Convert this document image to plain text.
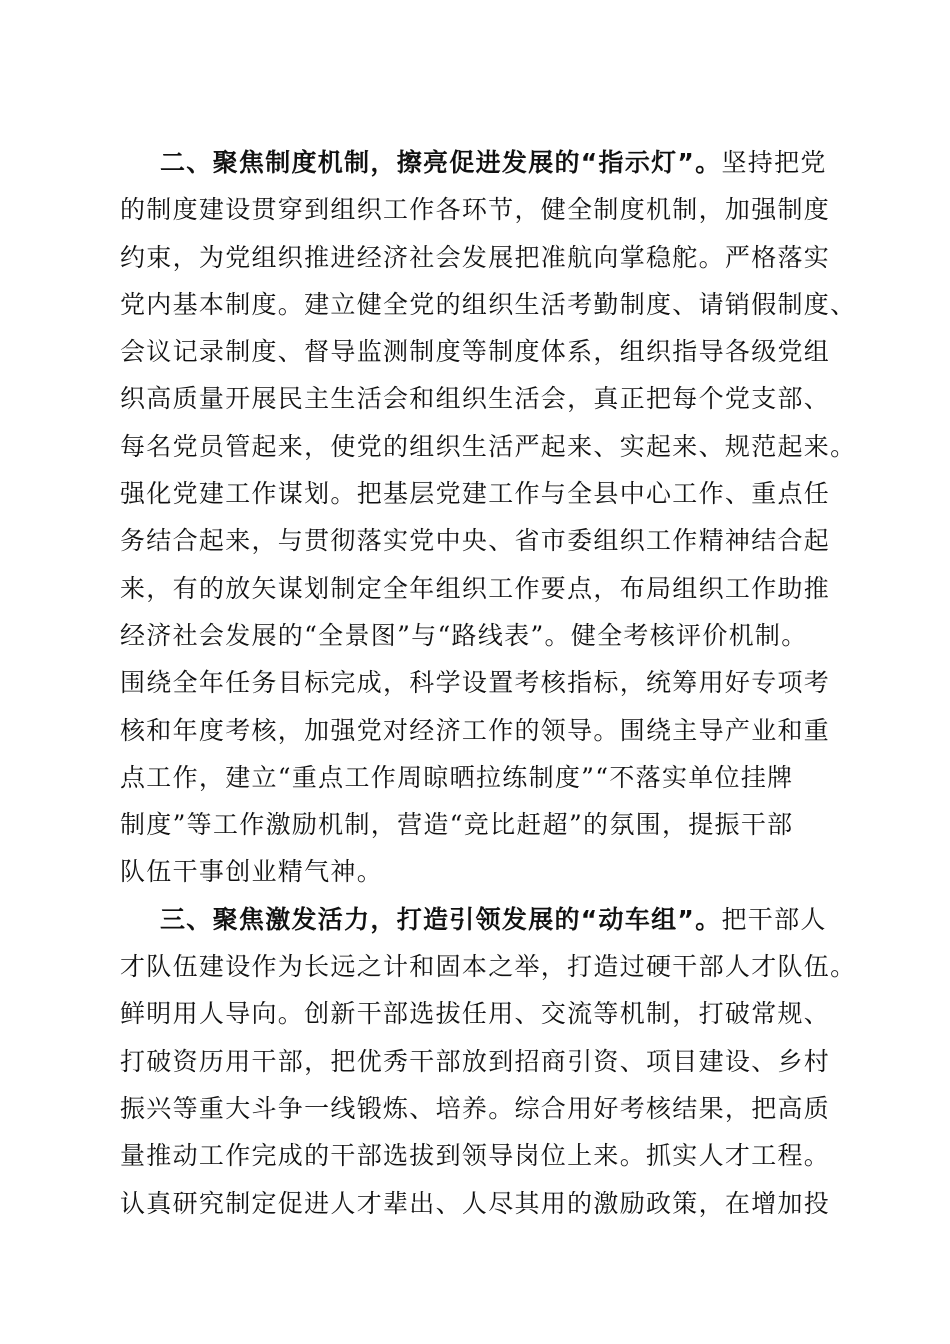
二、聚焦制度机制，擦亮促进发展的“指示灯”。坚持把党
的制度建设贯穿到组织工作各环节，健全制度机制，加强制度
约束，为党组织推进经济社会发展把准航向掌稳舵。严格落实
党内基本制度。建立健全党的组织生活考勤制度、请销假制度、
会议记录制度、督导监测制度等制度体系，组织指导各级党组
织高质量开展民主生活会和组织生活会，真正把每个党支部、
每名党员管起来，使党的组织生活严起来、实起来、规范起来。
强化党建工作谋划。把基层党建工作与全县中心工作、重点任
务结合起来，与贯彻落实党中央、省市委组织工作精神结合起
来，有的放矢谋划制定全年组织工作要点，布局组织工作助推
经济社会发展的“全景图”与“路线表”。健全考核评价机制。
围绕全年任务目标完成，科学设置考核指标，统筹用好专项考
核和年度考核，加强党对经济工作的领导。围绕主导产业和重
点工作，建立“重点工作周晾晒拉练制度”“不落实单位挂牌
制度”等工作激励机制，营造“竞比赶超”的氛围，提振干部
队伍干事创业精气神。
三、聚焦激发活力，打造引领发展的“动车组”。把干部人
才队伍建设作为长远之计和固本之举，打造过硬干部人才队伍。
鲜明用人导向。创新干部选拔任用、交流等机制，打破常规、
打破资历用干部，把优秀干部放到招商引资、项目建设、乡村
振兴等重大斗争一线锻炼、培养。综合用好考核结果，把高质
量推动工作完成的干部选拔到领导岗位上来。抓实人才工程。
认真研究制定促进人才辈出、人尽其用的激励政策，在增加投
